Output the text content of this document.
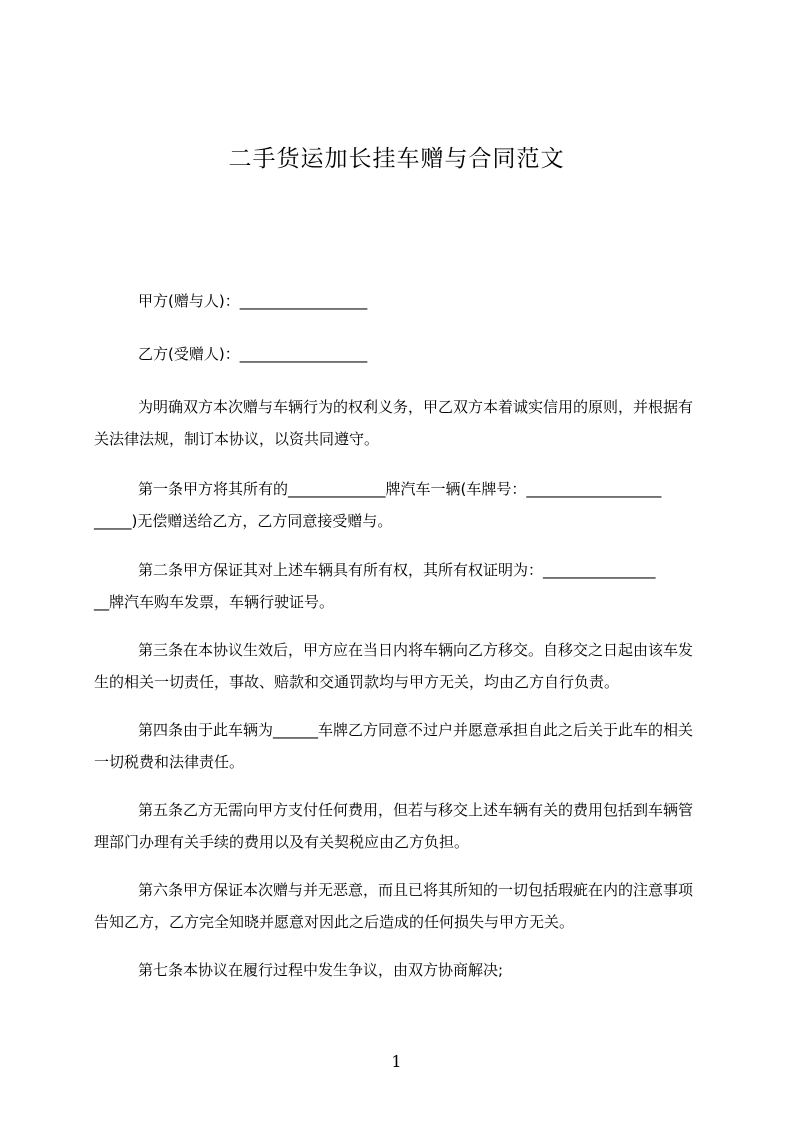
二手货运加长挂车赠与合同范文

甲方(赠与人)：_________________

乙方(受赠人)：_________________

为明确双方本次赠与车辆行为的权利义务，甲乙双方本着诚实信用的原则，并根据有关法律法规，制订本协议，以资共同遵守。

第一条甲方将其所有的_____________牌汽车一辆(车牌号：__________________

_____)无偿赠送给乙方，乙方同意接受赠与。

第二条甲方保证其对上述车辆具有所有权，其所有权证明为：_______________

__牌汽车购车发票，车辆行驶证号。

第三条在本协议生效后，甲方应在当日内将车辆向乙方移交。自移交之日起由该车发生的相关一切责任，事故、赔款和交通罚款均与甲方无关，均由乙方自行负责。

第四条由于此车辆为______车牌乙方同意不过户并愿意承担自此之后关于此车的相关一切税费和法律责任。

第五条乙方无需向甲方支付任何费用，但若与移交上述车辆有关的费用包括到车辆管理部门办理有关手续的费用以及有关契税应由乙方负担。

第六条甲方保证本次赠与并无恶意，而且已将其所知的一切包括瑕疵在内的注意事项告知乙方，乙方完全知晓并愿意对因此之后造成的任何损失与甲方无关。

第七条本协议在履行过程中发生争议，由双方协商解决;

1
